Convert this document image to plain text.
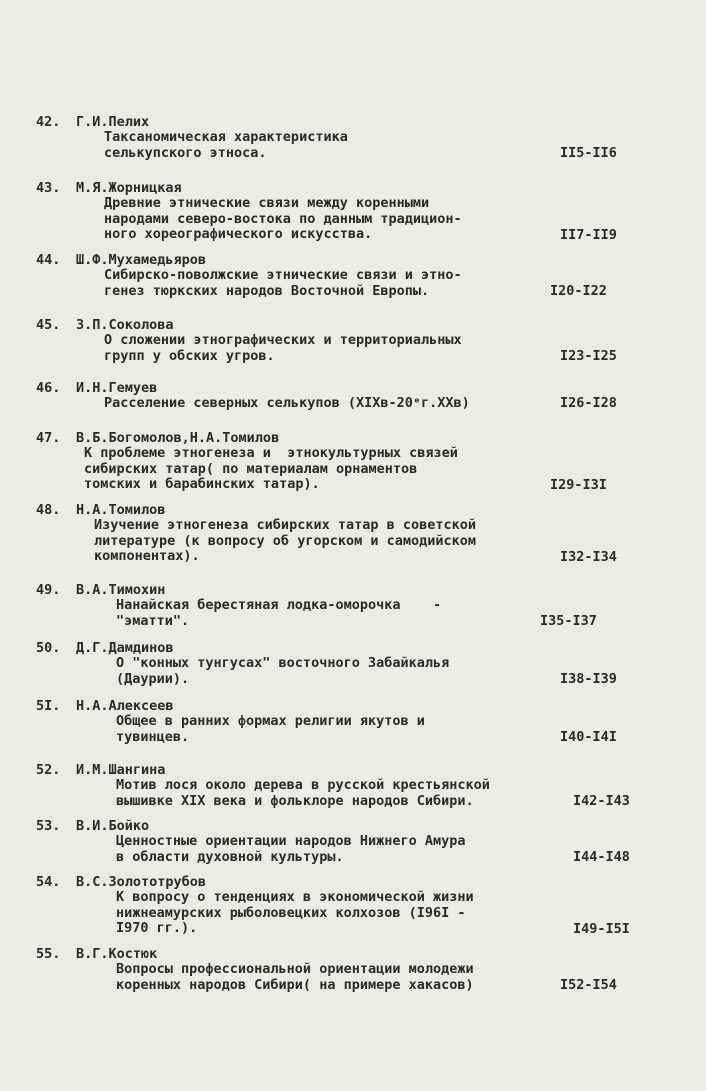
42.	Г.И.Пелих
Таксаномическая характеристика
селькупского этноса.	II5-II6
43.	М.Я.Жорницкая
Древние этнические связи между коренными
народами северо-востока по данным традицион-
ного хореографического искусства.	II7-II9
44.	Ш.Ф.Мухамедьяров
Сибирско-поволжские этнические связи и этно-
генез тюркских народов Восточной Европы.	I20-I22
45.	З.П.Соколова
О сложении этнографических и территориальных
групп у обских угров.	I23-I25
46.	И.Н.Гемуев
Расселение северных селькупов (XIXв-20ᵉг.XXв)	I26-I28
47.	В.Б.Богомолов,Н.А.Томилов
К проблеме этногенеза и  этнокультурных связей
сибирских татар( по материалам орнаментов
томских и барабинских татар).	I29-I3I
48.	Н.А.Томилов
Изучение этногенеза сибирских татар в советской
литературе (к вопросу об угорском и самодийском
компонентах).	I32-I34
49.	В.А.Тимохин
Нанайская берестяная лодка-оморочка    -
"эматти".	I35-I37
50.	Д.Г.Дамдинов
О "конных тунгусах" восточного Забайкалья
(Даурии).	I38-I39
5I.	Н.А.Алексеев
Общее в ранних формах религии якутов и
тувинцев.	I40-I4I
52.	И.М.Шангина
Мотив лося около дерева в русской крестьянской
вышивке XIX века и фольклоре народов Сибири.	I42-I43
53.	В.И.Бойко
Ценностные ориентации народов Нижнего Амура
в области духовной культуры.	I44-I48
54.	В.С.Золототрубов
К вопросу о тенденциях в экономической жизни
нижнеамурских рыболовецких колхозов (I96I -
I970 гг.).	I49-I5I
55.	В.Г.Костюк
Вопросы профессиональной ориентации молодежи
коренных народов Сибири( на примере хакасов)	I52-I54
